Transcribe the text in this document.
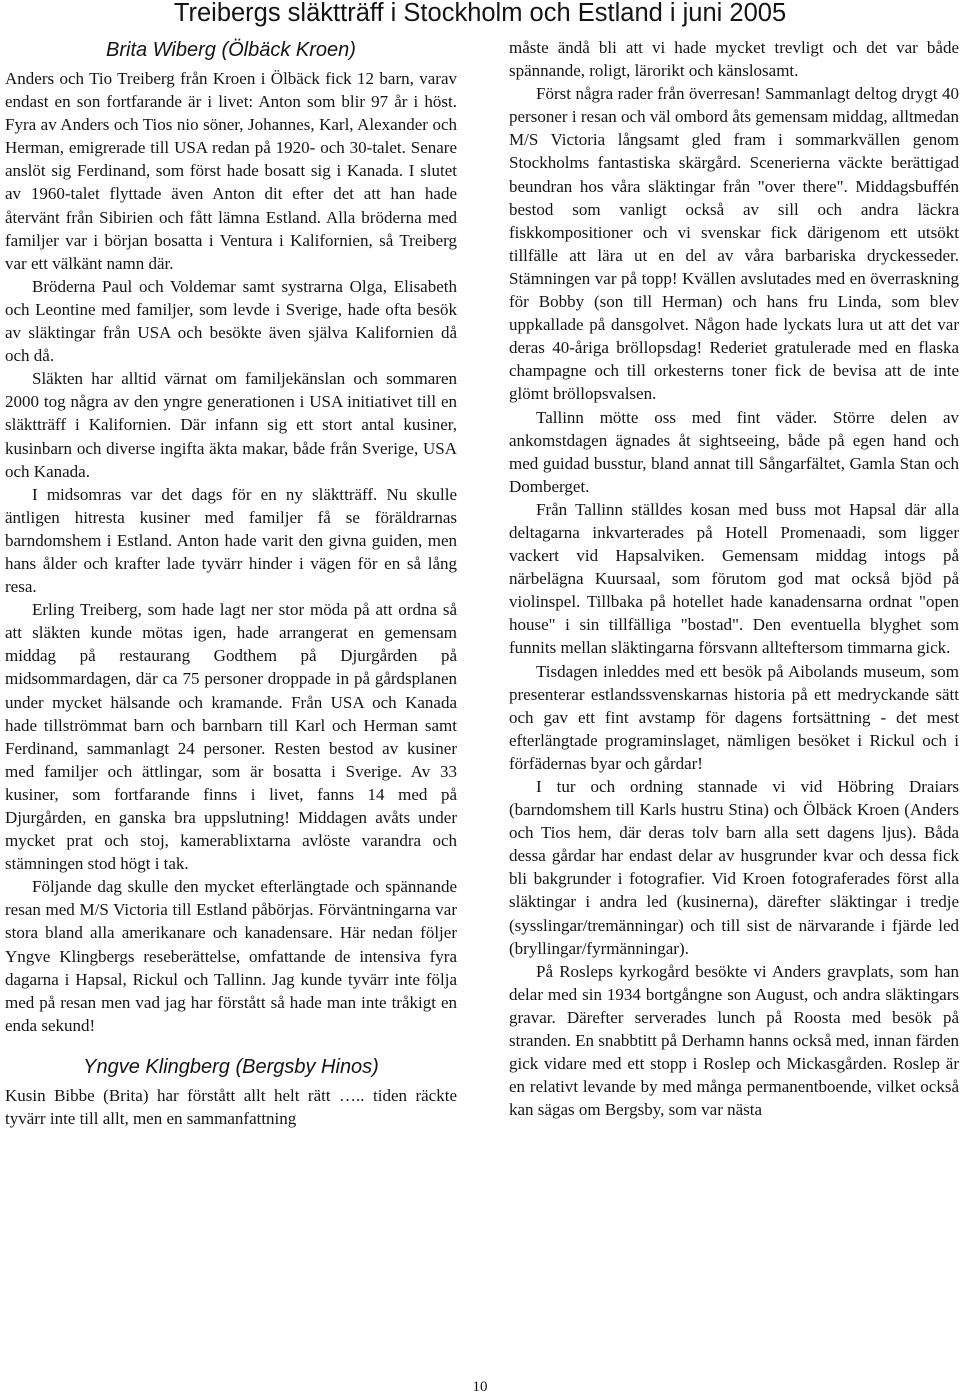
Treibergs släktträff i Stockholm och Estland i juni 2005
Brita Wiberg (Ölbäck Kroen)

Anders och Tio Treiberg från Kroen i Ölbäck fick 12 barn, varav endast en son fortfarande är i livet: Anton som blir 97 år i höst. Fyra av Anders och Tios nio söner, Johannes, Karl, Alexander och Herman, emigrerade till USA redan på 1920- och 30-talet. Senare anslöt sig Ferdinand, som först hade bosatt sig i Kanada. I slutet av 1960-talet flyttade även Anton dit efter det att han hade återvänt från Sibirien och fått lämna Estland. Alla bröderna med familjer var i början bosatta i Ventura i Kalifornien, så Treiberg var ett välkänt namn där.

Bröderna Paul och Voldemar samt systrarna Olga, Elisabeth och Leontine med familjer, som levde i Sverige, hade ofta besök av släktingar från USA och besökte även själva Kalifornien då och då.

Släkten har alltid värnat om familjekänslan och sommaren 2000 tog några av den yngre generationen i USA initiativet till en släktträff i Kalifornien. Där infann sig ett stort antal kusiner, kusinbarn och diverse ingifta äkta makar, både från Sverige, USA och Kanada.

I midsomras var det dags för en ny släktträff. Nu skulle äntligen hitresta kusiner med familjer få se föräldrarnas barndomshem i Estland. Anton hade varit den givna guiden, men hans ålder och krafter lade tyvärr hinder i vägen för en så lång resa.

Erling Treiberg, som hade lagt ner stor möda på att ordna så att släkten kunde mötas igen, hade arrangerat en gemensam middag på restaurang Godthem på Djurgården på midsommardagen, där ca 75 personer droppade in på gårdsplanen under mycket hälsande och kramande. Från USA och Kanada hade tillströmmat barn och barnbarn till Karl och Herman samt Ferdinand, sammanlagt 24 personer. Resten bestod av kusiner med familjer och ättlingar, som är bosatta i Sverige. Av 33 kusiner, som fortfarande finns i livet, fanns 14 med på Djurgården, en ganska bra uppslutning! Middagen avåts under mycket prat och stoj, kamerablixtarna avlöste varandra och stämningen stod högt i tak.

Följande dag skulle den mycket efterlängtade och spännande resan med M/S Victoria till Estland påbörjas. Förväntningarna var stora bland alla amerikanare och kanadensare. Här nedan följer Yngve Klingbergs reseberättelse, omfattande de intensiva fyra dagarna i Hapsal, Rickul och Tallinn. Jag kunde tyvärr inte följa med på resan men vad jag har förstått så hade man inte tråkigt en enda sekund!

Yngve Klingberg (Bergsby Hinos)

Kusin Bibbe (Brita) har förstått allt helt rätt ….. tiden räckte tyvärr inte till allt, men en sammanfattning

måste ändå bli att vi hade mycket trevligt och det var både spännande, roligt, lärorikt och känslosamt.

Först några rader från överresan! Sammanlagt deltog drygt 40 personer i resan och väl ombord åts gemensam middag, alltmedan M/S Victoria långsamt gled fram i sommarkvällen genom Stockholms fantastiska skärgård. Scenerierna väckte berättigad beundran hos våra släktingar från "over there". Middagsbuffén bestod som vanligt också av sill och andra läckra fiskkompositioner och vi svenskar fick därigenom ett utsökt tillfälle att lära ut en del av våra barbariska dryckesseder. Stämningen var på topp! Kvällen avslutades med en överraskning för Bobby (son till Herman) och hans fru Linda, som blev uppkallade på dansgolvet. Någon hade lyckats lura ut att det var deras 40-åriga bröllopsdag! Rederiet gratulerade med en flaska champagne och till orkesterns toner fick de bevisa att de inte glömt bröllopsvalsen.

Tallinn mötte oss med fint väder. Större delen av ankomstdagen ägnades åt sightseeing, både på egen hand och med guidad busstur, bland annat till Sångarfältet, Gamla Stan och Domberget.

Från Tallinn ställdes kosan med buss mot Hapsal där alla deltagarna inkvarterades på Hotell Promenaadi, som ligger vackert vid Hapsalviken. Gemensam middag intogs på närbelägna Kuursaal, som förutom god mat också bjöd på violinspel. Tillbaka på hotellet hade kanadensarna ordnat "open house" i sin tillfälliga "bostad". Den eventuella blyghet som funnits mellan släktingarna försvann allteftersom timmarna gick.

Tisdagen inleddes med ett besök på Aibolands museum, som presenterar estlandssvenskarnas historia på ett medryckande sätt och gav ett fint avstamp för dagens fortsättning - det mest efterlängtade programinslaget, nämligen besöket i Rickul och i förfädernas byar och gårdar!

I tur och ordning stannade vi vid Höbring Draiars (barndomshem till Karls hustru Stina) och Ölbäck Kroen (Anders och Tios hem, där deras tolv barn alla sett dagens ljus). Båda dessa gårdar har endast delar av husgrunder kvar och dessa fick bli bakgrunder i fotografier. Vid Kroen fotograferades först alla släktingar i andra led (kusinerna), därefter släktingar i tredje (sysslingar/tremänningar) och till sist de närvarande i fjärde led (bryllingar/fyrmänningar).

På Rosleps kyrkogård besökte vi Anders gravplats, som han delar med sin 1934 bortgångne son August, och andra släktingars gravar. Därefter serverades lunch på Roosta med besök på stranden. En snabbtitt på Derhamn hanns också med, innan färden gick vidare med ett stopp i Roslep och Mickasgården. Roslep är en relativt levande by med många permanentboende, vilket också kan sägas om Bergsby, som var nästa

10
